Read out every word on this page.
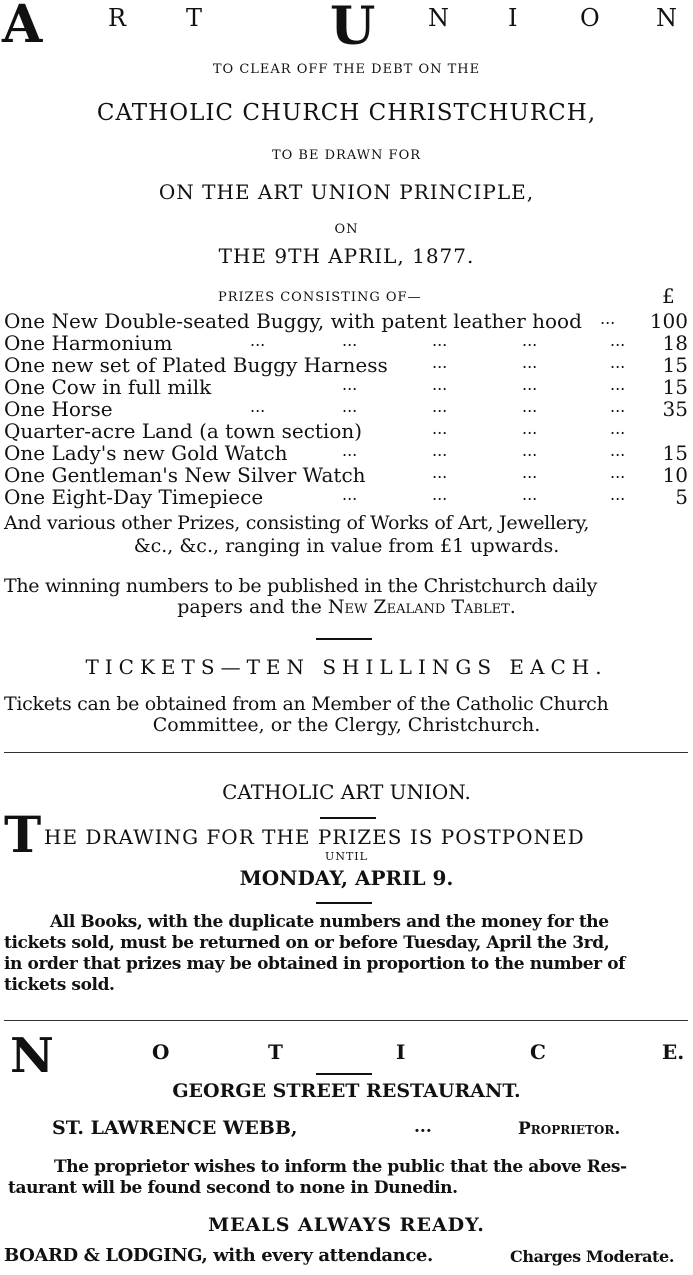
A	R T U N I	O N
TO CLEAR OFF THE DEBT ON THE
CATHOLIC CHURCH CHRISTCHURCH,
TO BE DRAWN FOR
ON THE ART UNION PRINCIPLE,
ON
THE 9TH APRIL, 1877.
PRIZES CONSISTING OF—	£
One New Double-seated Buggy, with patent leather hood ... 100
One Harmonium	...	...	...	...	... 18
One new set of Plated Buggy Harness	...	...	... 15
One Cow in full milk	...	...	...	... 15
One Horse	...	...	...	...	... 35
Quarter-acre Land (a town section)	...	...	...
One Lady's new Gold Watch	...	...	...	... 15
One Gentleman's New Silver Watch	...	...	... 10
One Eight-Day Timepiece	...	...	...	...	5
And various other Prizes, consisting of Works of Art, Jewellery,
&c., &c., ranging in value from £1 upwards.
The winning numbers to be published in the Christchurch daily
papers and the New Zealand Tablet.
TICKETS—TEN SHILLINGS EACH.
Tickets can be obtained from an Member of the Catholic Church
Committee, or the Clergy, Christchurch.
CATHOLIC ART UNION.
T HE DRAWING FOR THE PRIZES IS POSTPONED
UNTIL
MONDAY, APRIL 9.
All Books, with the duplicate numbers and the money for the
tickets sold, must be returned on or before Tuesday, April the 3rd,
in order that prizes may be obtained in proportion to the number of
tickets sold.
N	O	T	I	C	E.
GEORGE STREET RESTAURANT.
ST. LAWRENCE WEBB,	...	Proprietor.
The proprietor wishes to inform the public that the above Res-
taurant will be found second to none in Dunedin.
MEALS ALWAYS READY.
BOARD & LODGING, with every attendance.	Charges Moderate.
